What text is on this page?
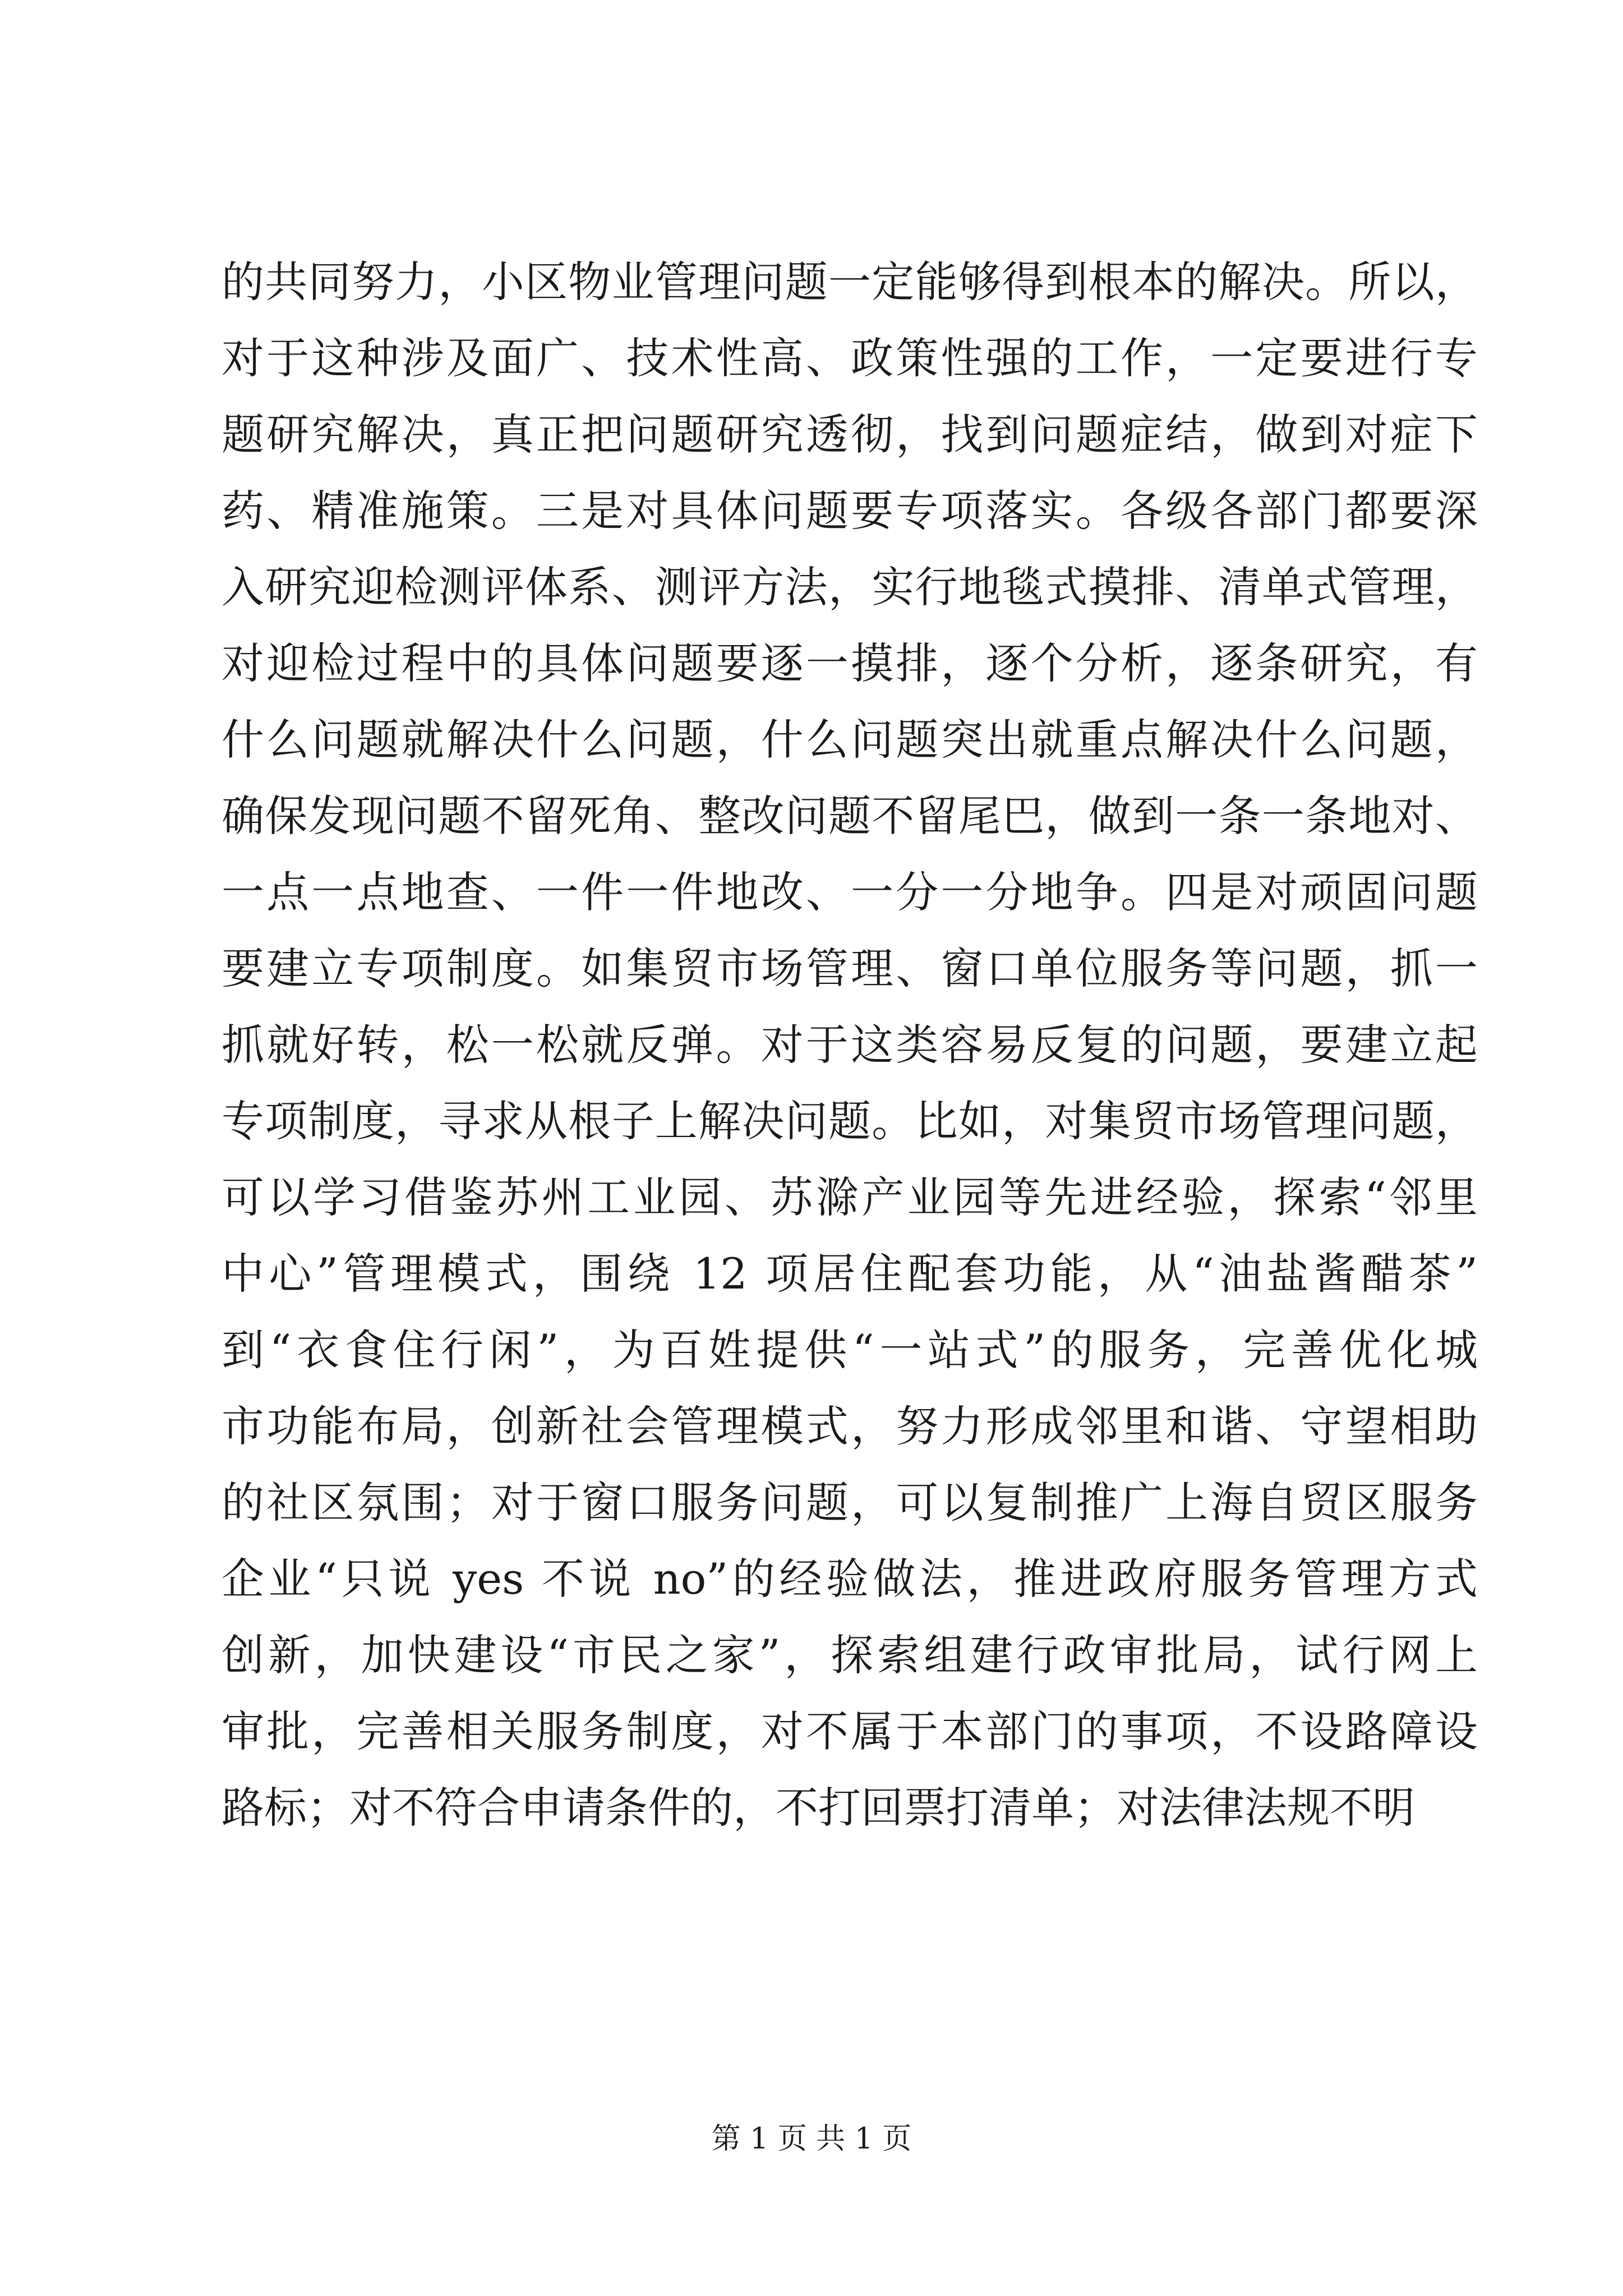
的共同努力，小区物业管理问题一定能够得到根本的解决。所以，
对于这种涉及面广、技术性高、政策性强的工作，一定要进行专
题研究解决，真正把问题研究透彻，找到问题症结，做到对症下
药、精准施策。三是对具体问题要专项落实。各级各部门都要深
入研究迎检测评体系、测评方法，实行地毯式摸排、清单式管理，
对迎检过程中的具体问题要逐一摸排，逐个分析，逐条研究，有
什么问题就解决什么问题，什么问题突出就重点解决什么问题，
确保发现问题不留死角、整改问题不留尾巴，做到一条一条地对、
一点一点地查、一件一件地改、一分一分地争。四是对顽固问题
要建立专项制度。如集贸市场管理、窗口单位服务等问题，抓一
抓就好转，松一松就反弹。对于这类容易反复的问题，要建立起
专项制度，寻求从根子上解决问题。比如，对集贸市场管理问题，
可以学习借鉴苏州工业园、苏滁产业园等先进经验，探索“邻里
中心”管理模式，围绕 12 项居住配套功能，从“油盐酱醋茶”
到“衣食住行闲”，为百姓提供“一站式”的服务，完善优化城
市功能布局，创新社会管理模式，努力形成邻里和谐、守望相助
的社区氛围；对于窗口服务问题，可以复制推广上海自贸区服务
企业“只说 yes 不说 no”的经验做法，推进政府服务管理方式
创新，加快建设“市民之家”，探索组建行政审批局，试行网上
审批，完善相关服务制度，对不属于本部门的事项，不设路障设
路标；对不符合申请条件的，不打回票打清单；对法律法规不明
第 1 页 共 1 页
